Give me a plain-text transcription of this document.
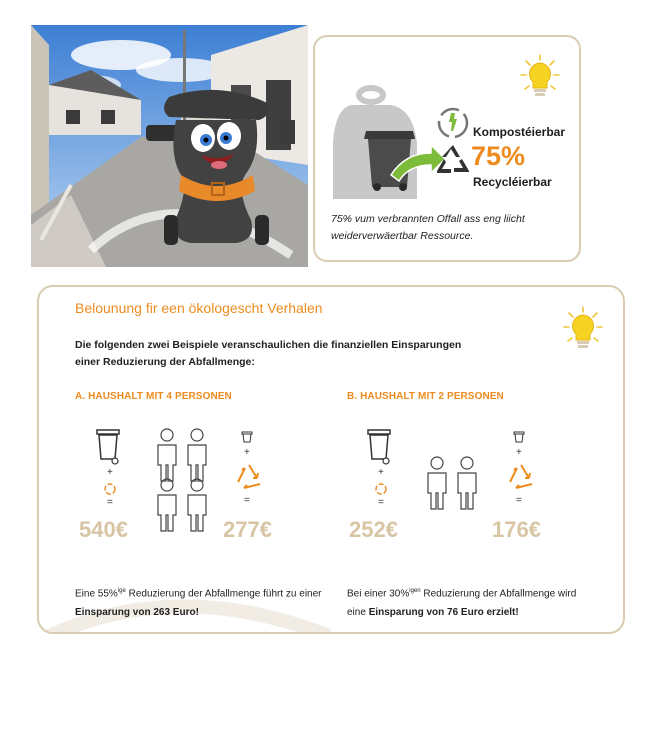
Kompostéierbar
75%
Recycléierbar
75% vum verbrannten Offall ass eng liicht
weiderverwäertbar Ressource.
Belounung fir een ökologescht Verhalen
Die folgenden zwei Beispiele veranschaulichen die finanziellen Einsparungen
einer Reduzierung der Abfallmenge:
A. HAUSHALT MIT 4 PERSONEN
+
=
540€
+
=
277€
Eine 55%$^{ige}$ Reduzierung der Abfallmenge führt zu einer
Einsparung von 263 Euro!
B. HAUSHALT MIT 2 PERSONEN
+
=
252€
+
=
176€
Bei einer 30%$^{igen}$ Reduzierung der Abfallmenge wird
eine Einsparung von 76 Euro erzielt!
